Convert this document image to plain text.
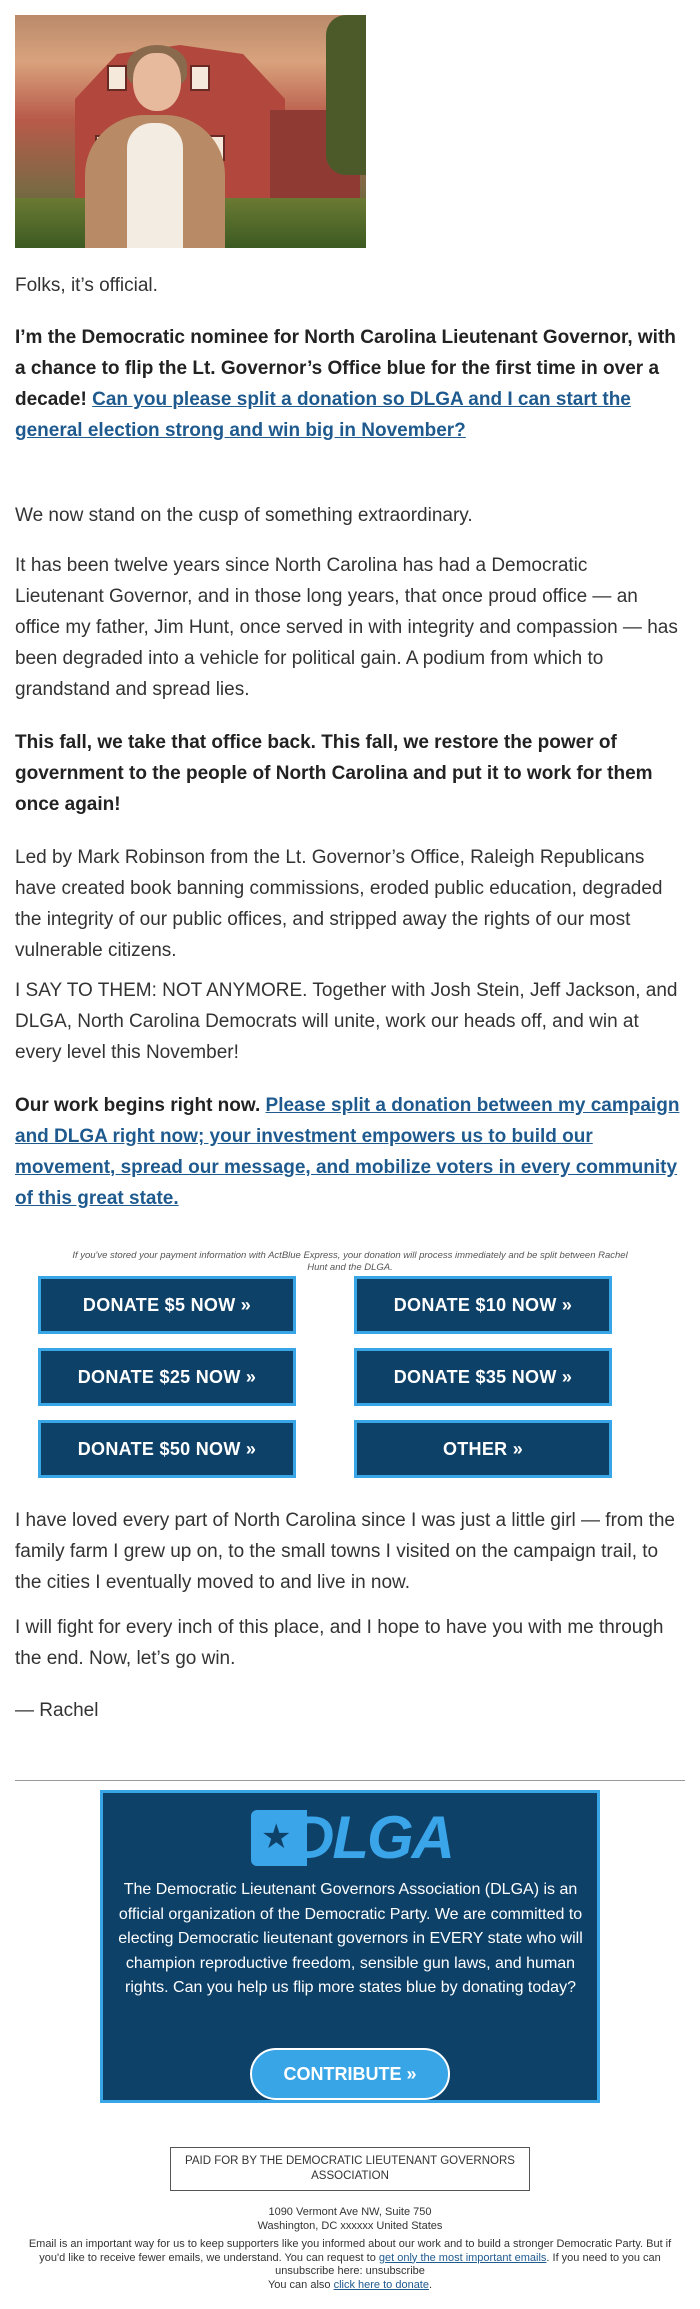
Folks, it’s official.

I’m the Democratic nominee for North Carolina Lieutenant Governor, with a chance to flip the Lt. Governor’s Office blue for the first time in over a decade! Can you please split a donation so DLGA and I can start the general election strong and win big in November?

We now stand on the cusp of something extraordinary.

It has been twelve years since North Carolina has had a Democratic Lieutenant Governor, and in those long years, that once proud office — an office my father, Jim Hunt, once served in with integrity and compassion — has been degraded into a vehicle for political gain. A podium from which to grandstand and spread lies.

This fall, we take that office back. This fall, we restore the power of government to the people of North Carolina and put it to work for them once again!

Led by Mark Robinson from the Lt. Governor’s Office, Raleigh Republicans have created book banning commissions, eroded public education, degraded the integrity of our public offices, and stripped away the rights of our most vulnerable citizens.

I SAY TO THEM: NOT ANYMORE. Together with Josh Stein, Jeff Jackson, and DLGA, North Carolina Democrats will unite, work our heads off, and win at every level this November!

Our work begins right now. Please split a donation between my campaign and DLGA right now; your investment empowers us to build our movement, spread our message, and mobilize voters in every community of this great state.

If you've stored your payment information with ActBlue Express, your donation will process immediately and be split between Rachel Hunt and the DLGA.
DONATE $5 NOW »	DONATE $10 NOW »
DONATE $25 NOW »	DONATE $35 NOW »
DONATE $50 NOW »	OTHER »

I have loved every part of North Carolina since I was just a little girl — from the family farm I grew up on, to the small towns I visited on the campaign trail, to the cities I eventually moved to and live in now.

I will fight for every inch of this place, and I hope to have you with me through the end. Now, let’s go win.

— Rachel

★ DLGA
The Democratic Lieutenant Governors Association (DLGA) is an official organization of the Democratic Party. We are committed to electing Democratic lieutenant governors in EVERY state who will champion reproductive freedom, sensible gun laws, and human rights. Can you help us flip more states blue by donating today?
CONTRIBUTE »
PAID FOR BY THE DEMOCRATIC LIEUTENANT GOVERNORS ASSOCIATION
1090 Vermont Ave NW, Suite 750
Washington, DC xxxxxx United States
Email is an important way for us to keep supporters like you informed about our work and to build a stronger Democratic Party. But if you'd like to receive fewer emails, we understand. You can request to get only the most important emails. If you need to you can unsubscribe here: unsubscribe
You can also click here to donate.
